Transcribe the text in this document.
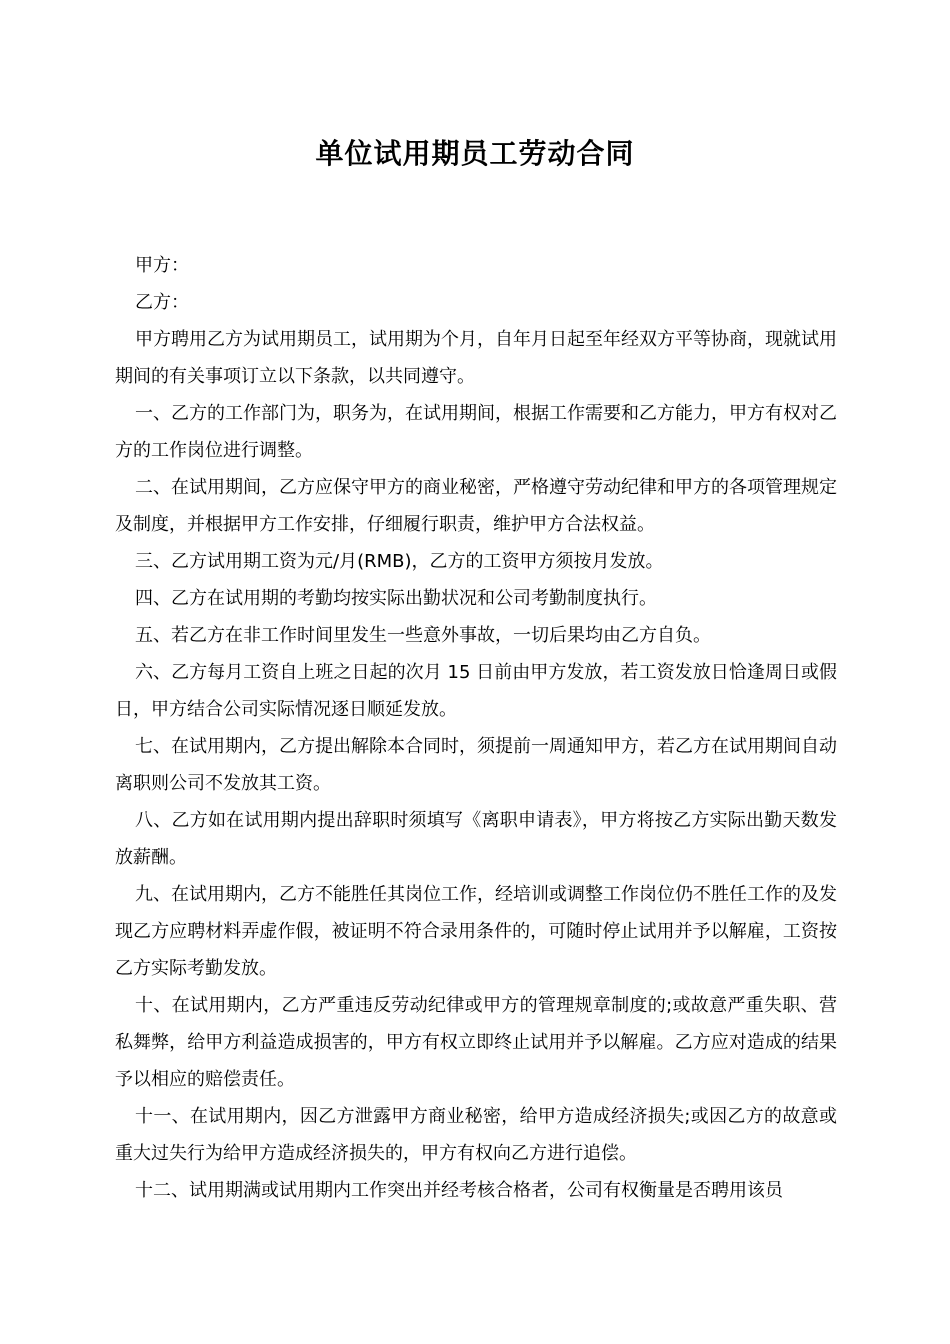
单位试用期员工劳动合同

甲方：

乙方：

甲方聘用乙方为试用期员工，试用期为个月，自年月日起至年经双方平等协商，现就试用期间的有关事项订立以下条款，以共同遵守。

一、乙方的工作部门为，职务为，在试用期间，根据工作需要和乙方能力，甲方有权对乙方的工作岗位进行调整。

二、在试用期间，乙方应保守甲方的商业秘密，严格遵守劳动纪律和甲方的各项管理规定及制度，并根据甲方工作安排，仔细履行职责，维护甲方合法权益。

三、乙方试用期工资为元/月(RMB)，乙方的工资甲方须按月发放。

四、乙方在试用期的考勤均按实际出勤状况和公司考勤制度执行。

五、若乙方在非工作时间里发生一些意外事故，一切后果均由乙方自负。

六、乙方每月工资自上班之日起的次月 15 日前由甲方发放，若工资发放日恰逢周日或假日，甲方结合公司实际情况逐日顺延发放。

七、在试用期内，乙方提出解除本合同时，须提前一周通知甲方，若乙方在试用期间自动离职则公司不发放其工资。

八、乙方如在试用期内提出辞职时须填写《离职申请表》，甲方将按乙方实际出勤天数发放薪酬。

九、在试用期内，乙方不能胜任其岗位工作，经培训或调整工作岗位仍不胜任工作的及发现乙方应聘材料弄虚作假，被证明不符合录用条件的，可随时停止试用并予以解雇，工资按乙方实际考勤发放。

十、在试用期内，乙方严重违反劳动纪律或甲方的管理规章制度的;或故意严重失职、营私舞弊，给甲方利益造成损害的，甲方有权立即终止试用并予以解雇。乙方应对造成的结果予以相应的赔偿责任。

十一、在试用期内，因乙方泄露甲方商业秘密，给甲方造成经济损失;或因乙方的故意或重大过失行为给甲方造成经济损失的，甲方有权向乙方进行追偿。

十二、试用期满或试用期内工作突出并经考核合格者，公司有权衡量是否聘用该员
